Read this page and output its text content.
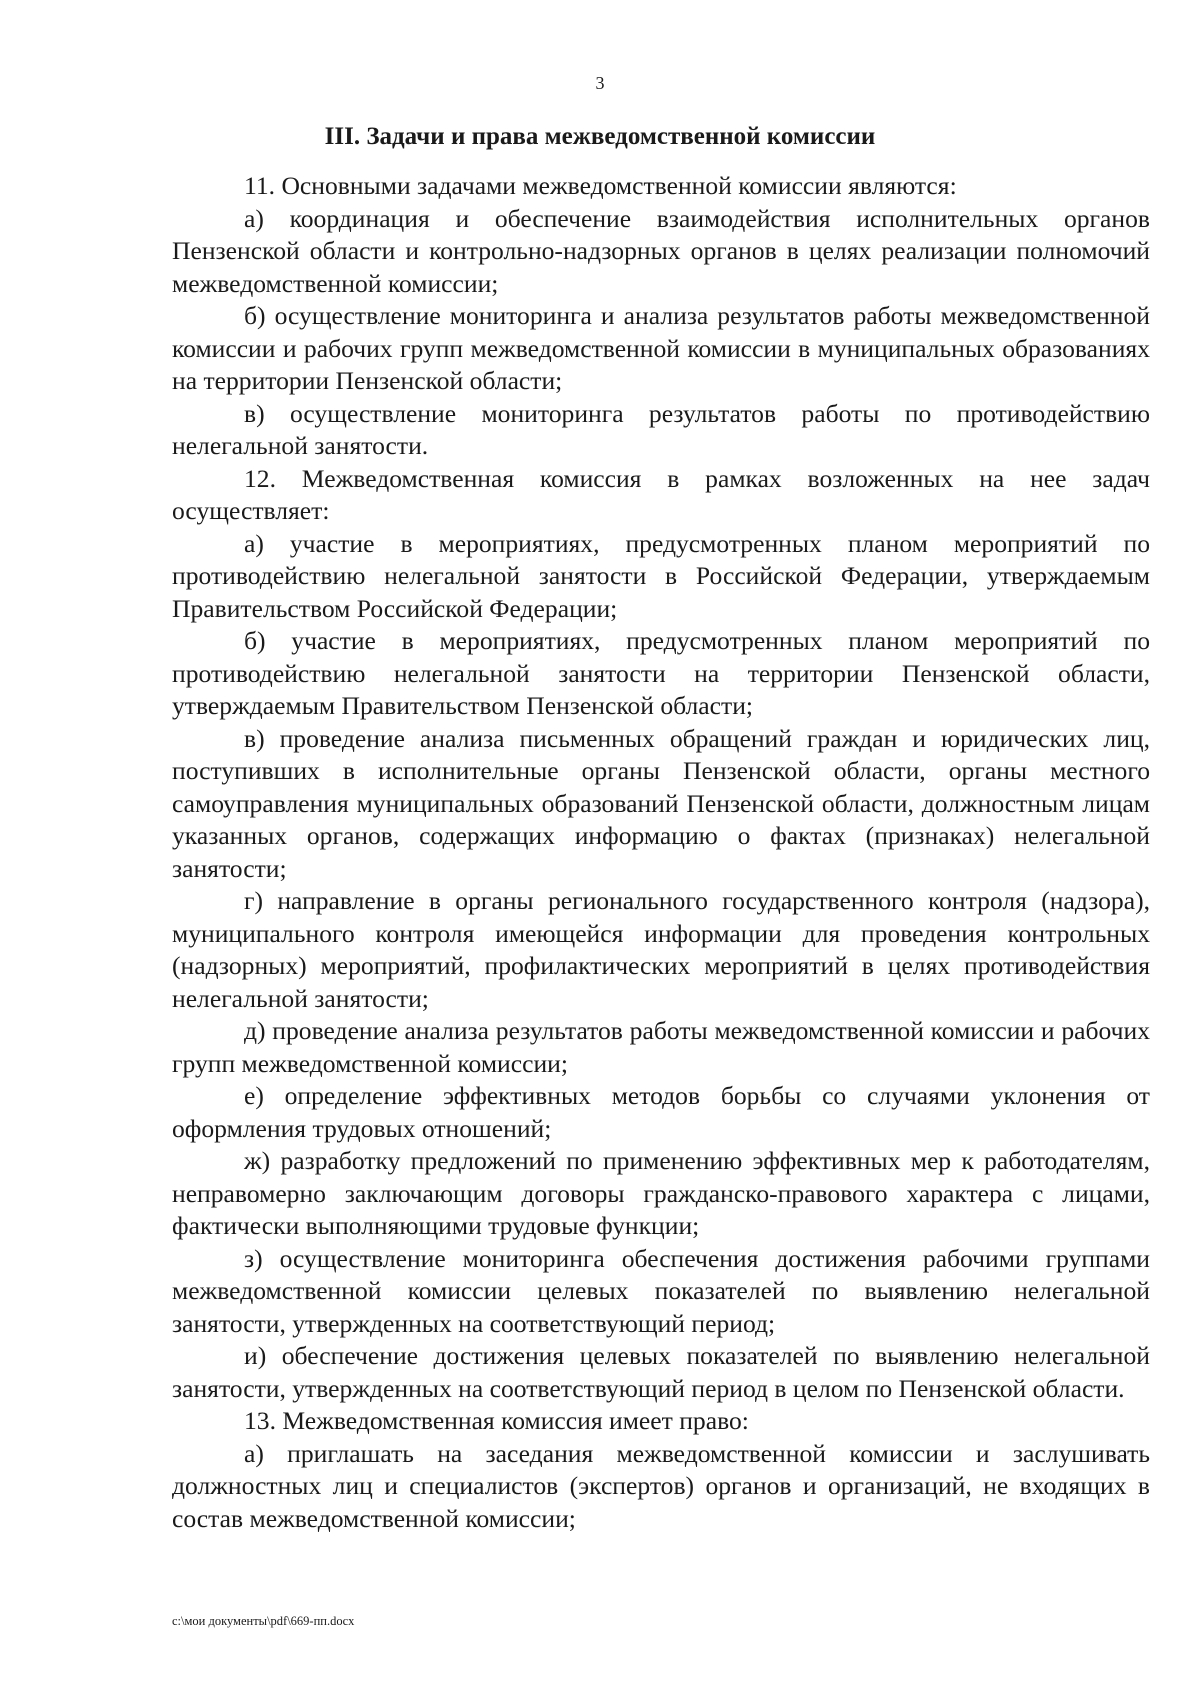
3
III. Задачи и права межведомственной комиссии

11. Основными задачами межведомственной комиссии являются:

а) координация и обеспечение взаимодействия исполнительных органов Пензенской области и контрольно-надзорных органов в целях реализации полномочий межведомственной комиссии;

б) осуществление мониторинга и анализа результатов работы межведомственной комиссии и рабочих групп межведомственной комиссии в муниципальных образованиях на территории Пензенской области;

в) осуществление мониторинга результатов работы по противодействию нелегальной занятости.

12. Межведомственная комиссия в рамках возложенных на нее задач осуществляет:

а) участие в мероприятиях, предусмотренных планом мероприятий по противодействию нелегальной занятости в Российской Федерации, утверждаемым Правительством Российской Федерации;

б) участие в мероприятиях, предусмотренных планом мероприятий по противодействию нелегальной занятости на территории Пензенской области, утверждаемым Правительством Пензенской области;

в) проведение анализа письменных обращений граждан и юридических лиц, поступивших в исполнительные органы Пензенской области, органы местного самоуправления муниципальных образований Пензенской области, должностным лицам указанных органов, содержащих информацию о фактах (признаках) нелегальной занятости;

г) направление в органы регионального государственного контроля (надзора), муниципального контроля имеющейся информации для проведения контрольных (надзорных) мероприятий, профилактических мероприятий в целях противодействия нелегальной занятости;

д) проведение анализа результатов работы межведомственной комиссии и рабочих групп межведомственной комиссии;

е) определение эффективных методов борьбы со случаями уклонения от оформления трудовых отношений;

ж) разработку предложений по применению эффективных мер к работодателям, неправомерно заключающим договоры гражданско-правового характера с лицами, фактически выполняющими трудовые функции;

з) осуществление мониторинга обеспечения достижения рабочими группами межведомственной комиссии целевых показателей по выявлению нелегальной занятости, утвержденных на соответствующий период;

и) обеспечение достижения целевых показателей по выявлению нелегальной занятости, утвержденных на соответствующий период в целом по Пензенской области.

13. Межведомственная комиссия имеет право:

а) приглашать на заседания межведомственной комиссии и заслушивать должностных лиц и специалистов (экспертов) органов и организаций, не входящих в состав межведомственной комиссии;

c:\мои документы\pdf\669-пп.docx
